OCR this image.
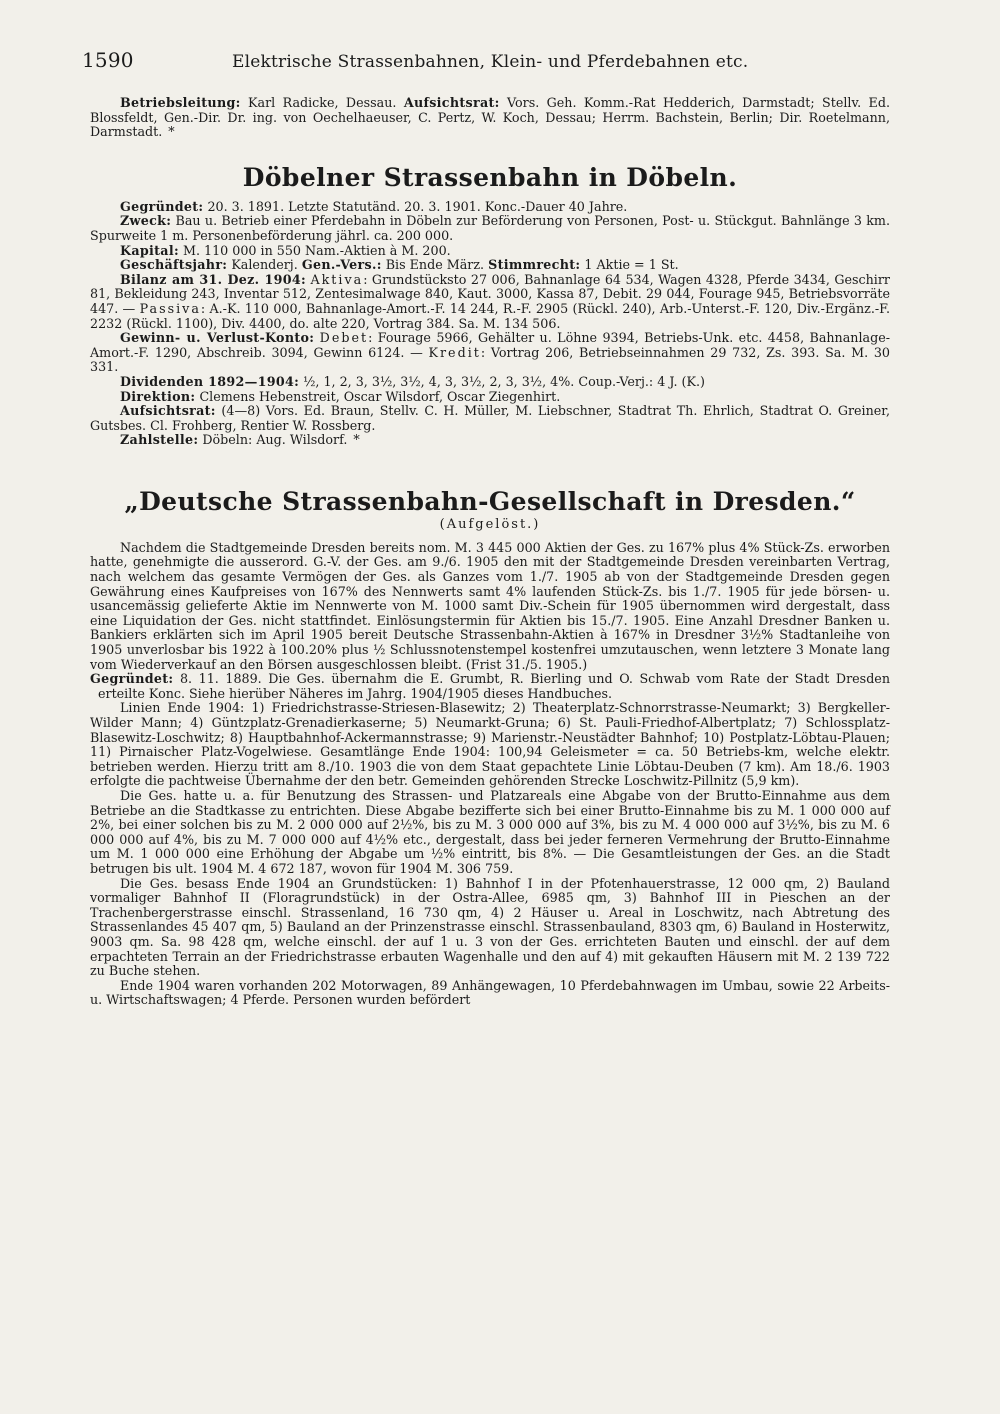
1590	Elektrische Strassenbahnen, Klein- und Pferdebahnen etc.

Betriebsleitung: Karl Radicke, Dessau. Aufsichtsrat: Vors. Geh. Komm.-Rat Hedderich, Darmstadt; Stellv. Ed. Blossfeldt, Gen.-Dir. Dr. ing. von Oechelhaeuser, C. Pertz, W. Koch, Dessau; Herrm. Bachstein, Berlin; Dir. Roetelmann, Darmstadt. *

Döbelner Strassenbahn in Döbeln.

Gegründet: 20. 3. 1891. Letzte Statutänd. 20. 3. 1901. Konc.-Dauer 40 Jahre.

Zweck: Bau u. Betrieb einer Pferdebahn in Döbeln zur Beförderung von Personen, Post- u. Stückgut. Bahnlänge 3 km. Spurweite 1 m. Personenbeförderung jährl. ca. 200 000.

Kapital: M. 110 000 in 550 Nam.-Aktien à M. 200.

Geschäftsjahr: Kalenderj. Gen.-Vers.: Bis Ende März. Stimmrecht: 1 Aktie = 1 St.

Bilanz am 31. Dez. 1904: Aktiva: Grundstücksto 27 006, Bahnanlage 64 534, Wagen 4328, Pferde 3434, Geschirr 81, Bekleidung 243, Inventar 512, Zentesimalwage 840, Kaut. 3000, Kassa 87, Debit. 29 044, Fourage 945, Betriebsvorräte 447. — Passiva: A.-K. 110 000, Bahnanlage-Amort.-F. 14 244, R.-F. 2905 (Rückl. 240), Arb.-Unterst.-F. 120, Div.-Ergänz.-F. 2232 (Rückl. 1100), Div. 4400, do. alte 220, Vortrag 384. Sa. M. 134 506.

Gewinn- u. Verlust-Konto: Debet: Fourage 5966, Gehälter u. Löhne 9394, Betriebs-Unk. etc. 4458, Bahnanlage-Amort.-F. 1290, Abschreib. 3094, Gewinn 6124. — Kredit: Vortrag 206, Betriebseinnahmen 29 732, Zs. 393. Sa. M. 30 331.

Dividenden 1892—1904: ½, 1, 2, 3, 3½, 3½, 4, 3, 3½, 2, 3, 3½, 4%. Coup.-Verj.: 4 J. (K.)

Direktion: Clemens Hebenstreit, Oscar Wilsdorf, Oscar Ziegenhirt.

Aufsichtsrat: (4—8) Vors. Ed. Braun, Stellv. C. H. Müller, M. Liebschner, Stadtrat Th. Ehrlich, Stadtrat O. Greiner, Gutsbes. Cl. Frohberg, Rentier W. Rossberg.

Zahlstelle: Döbeln: Aug. Wilsdorf. *

„Deutsche Strassenbahn-Gesellschaft in Dresden.“
(Aufgelöst.)

Nachdem die Stadtgemeinde Dresden bereits nom. M. 3 445 000 Aktien der Ges. zu 167% plus 4% Stück-Zs. erworben hatte, genehmigte die ausserord. G.-V. der Ges. am 9./6. 1905 den mit der Stadtgemeinde Dresden vereinbarten Vertrag, nach welchem das gesamte Vermögen der Ges. als Ganzes vom 1./7. 1905 ab von der Stadtgemeinde Dresden gegen Gewährung eines Kaufpreises von 167% des Nennwerts samt 4% laufenden Stück-Zs. bis 1./7. 1905 für jede börsen- u. usancemässig gelieferte Aktie im Nennwerte von M. 1000 samt Div.-Schein für 1905 übernommen wird dergestalt, dass eine Liquidation der Ges. nicht stattfindet. Einlösungstermin für Aktien bis 15./7. 1905. Eine Anzahl Dresdner Banken u. Bankiers erklärten sich im April 1905 bereit Deutsche Strassenbahn-Aktien à 167% in Dresdner 3½% Stadtanleihe von 1905 unverlosbar bis 1922 à 100.20% plus ½ Schlussnotenstempel kostenfrei umzutauschen, wenn letztere 3 Monate lang vom Wiederverkauf an den Börsen ausgeschlossen bleibt. (Frist 31./5. 1905.)

Gegründet: 8. 11. 1889. Die Ges. übernahm die E. Grumbt, R. Bierling und O. Schwab vom Rate der Stadt Dresden erteilte Konc. Siehe hierüber Näheres im Jahrg. 1904/1905 dieses Handbuches.

Linien Ende 1904: 1) Friedrichstrasse-Striesen-Blasewitz; 2) Theaterplatz-Schnorrstrasse-Neumarkt; 3) Bergkeller-Wilder Mann; 4) Güntzplatz-Grenadierkaserne; 5) Neumarkt-Gruna; 6) St. Pauli-Friedhof-Albertplatz; 7) Schlossplatz-Blasewitz-Loschwitz; 8) Hauptbahnhof-Ackermannstrasse; 9) Marienstr.-Neustädter Bahnhof; 10) Postplatz-Löbtau-Plauen; 11) Pirnaischer Platz-Vogelwiese. Gesamtlänge Ende 1904: 100,94 Geleismeter = ca. 50 Betriebs-km, welche elektr. betrieben werden. Hierzu tritt am 8./10. 1903 die von dem Staat gepachtete Linie Löbtau-Deuben (7 km). Am 18./6. 1903 erfolgte die pachtweise Übernahme der den betr. Gemeinden gehörenden Strecke Loschwitz-Pillnitz (5,9 km).

Die Ges. hatte u. a. für Benutzung des Strassen- und Platzareals eine Abgabe von der Brutto-Einnahme aus dem Betriebe an die Stadtkasse zu entrichten. Diese Abgabe bezifferte sich bei einer Brutto-Einnahme bis zu M. 1 000 000 auf 2%, bei einer solchen bis zu M. 2 000 000 auf 2½%, bis zu M. 3 000 000 auf 3%, bis zu M. 4 000 000 auf 3½%, bis zu M. 6 000 000 auf 4%, bis zu M. 7 000 000 auf 4½% etc., dergestalt, dass bei jeder ferneren Vermehrung der Brutto-Einnahme um M. 1 000 000 eine Erhöhung der Abgabe um ½% eintritt, bis 8%. — Die Gesamtleistungen der Ges. an die Stadt betrugen bis ult. 1904 M. 4 672 187, wovon für 1904 M. 306 759.

Die Ges. besass Ende 1904 an Grundstücken: 1) Bahnhof I in der Pfotenhauerstrasse, 12 000 qm, 2) Bauland vormaliger Bahnhof II (Floragrundstück) in der Ostra-Allee, 6985 qm, 3) Bahnhof III in Pieschen an der Trachenbergerstrasse einschl. Strassenland, 16 730 qm, 4) 2 Häuser u. Areal in Loschwitz, nach Abtretung des Strassenlandes 45 407 qm, 5) Bauland an der Prinzenstrasse einschl. Strassenbauland, 8303 qm, 6) Bauland in Hosterwitz, 9003 qm. Sa. 98 428 qm, welche einschl. der auf 1 u. 3 von der Ges. errichteten Bauten und einschl. der auf dem erpachteten Terrain an der Friedrichstrasse erbauten Wagenhalle und den auf 4) mit gekauften Häusern mit M. 2 139 722 zu Buche stehen.

Ende 1904 waren vorhanden 202 Motorwagen, 89 Anhängewagen, 10 Pferdebahnwagen im Umbau, sowie 22 Arbeits- u. Wirtschaftswagen; 4 Pferde. Personen wurden befördert
